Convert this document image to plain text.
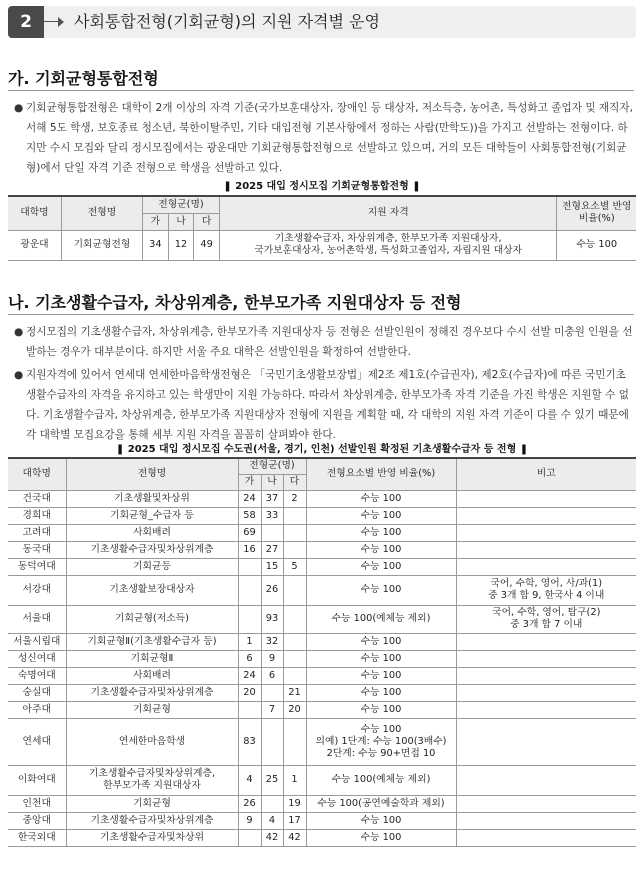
2	사회통합전형(기회균형)의 지원 자격별 운영
가. 기회균형통합전형
● 기회균형통합전형은 대학이 2개 이상의 자격 기준(국가보훈대상자, 장애인 등 대상자, 저소득층, 농어촌, 특성화고 졸업자 및 재직자, 서해 5도 학생, 보호종료 청소년, 북한이탈주민, 기타 대입전형 기본사항에서 정하는 사람(만학도))을 가지고 선발하는 전형이다. 하지만 수시 모집와 달리 정시모집에서는 광운대만 기회균형통합전형으로 선발하고 있으며, 거의 모든 대학들이 사회통합전형(기회균형)에서 단일 자격 기준 전형으로 학생을 선발하고 있다.
❚ 2025 대입 정시모집 기회균형통합전형 ❚
대학명	전형명	전형군(명)			지원 자격	전형요소별 반영 비율(%)
		가	나	다		
광운대	기회균형전형	34	12	49	기초생활수급자, 차상위계층, 한부모가족 지원대상자,
국가보훈대상자, 농어촌학생, 특성화고졸업자, 자립지원 대상자	수능 100
나. 기초생활수급자, 차상위계층, 한부모가족 지원대상자 등 전형
● 정시모집의 기초생활수급자, 차상위계층, 한부모가족 지원대상자 등 전형은 선발인원이 정해진 경우보다 수시 선발 미충원 인원을 선발하는 경우가 대부분이다. 하지만 서울 주요 대학은 선발인원을 확정하여 선발한다.
● 지원자격에 있어서 연세대 연세한마음학생전형은 「국민기초생활보장법」제2조 제1호(수급권자), 제2호(수급자)에 따른 국민기초생활수급자의 자격을 유지하고 있는 학생만이 지원 가능하다. 따라서 차상위계층, 한부모가족 자격 기준을 가진 학생은 지원할 수 없다. 기초생활수급자, 차상위계층, 한부모가족 지원대상자 전형에 지원을 계획할 때, 각 대학의 지원 자격 기준이 다를 수 있기 때문에 각 대학별 모집요강을 통해 세부 지원 자격을 꼼꼼히 살펴봐야 한다.
❚ 2025 대입 정시모집 수도권(서울, 경기, 인천) 선발인원 확정된 기초생활수급자 등 전형 ❚
대학명	전형명	전형군(명)			전형요소별 반영 비율(%)	비고
		가	나	다		
건국대	기초생활및차상위	24	37	2	수능 100	
경희대	기회균형_수급자 등	58	33		수능 100	
고려대	사회배려	69			수능 100	
동국대	기초생활수급자및차상위계층	16	27		수능 100	
동덕여대	기회균등		15	5	수능 100	
서강대	기초생활보장대상자		26		수능 100	국어, 수학, 영어, 사/과(1)
중 3개 합 9, 한국사 4 이내
서울대	기회균형(저소득)		93		수능 100(예체능 제외)	국어, 수학, 영어, 탐구(2)
중 3개 합 7 이내
서울시립대	기회균형Ⅱ(기초생활수급자 등)	1	32		수능 100	
성신여대	기회균형Ⅱ	6	9		수능 100	
숙명여대	사회배려	24	6		수능 100	
숭실대	기초생활수급자및차상위계층	20		21	수능 100	
아주대	기회균형		7	20	수능 100	
연세대	연세한마음학생	83			수능 100
의예) 1단계: 수능 100(3배수)
2단계: 수능 90+면접 10	
이화여대	기초생활수급자및차상위계층,
한부모가족 지원대상자	4	25	1	수능 100(예체능 제외)	
인천대	기회균형	26		19	수능 100(공연예술학과 제외)	
중앙대	기초생활수급자및차상위계층	9	4	17	수능 100	
한국외대	기초생활수급자및차상위		42	42	수능 100	
